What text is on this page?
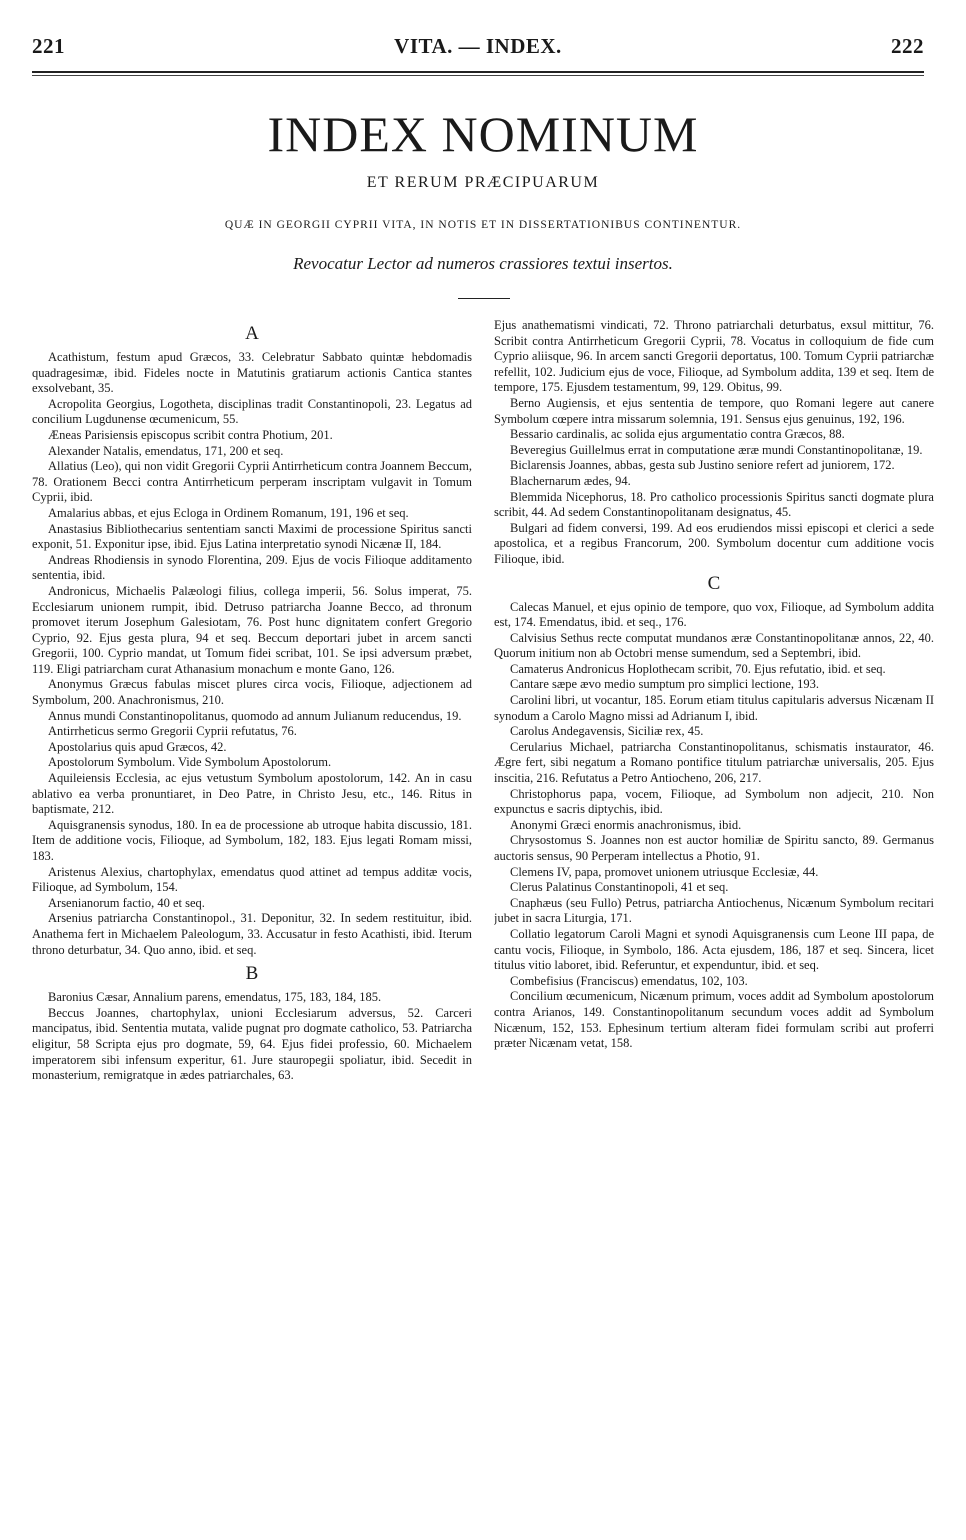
221	VITA. — INDEX.	222
INDEX NOMINUM
ET RERUM PRÆCIPUARUM
QUÆ IN GEORGII CYPRII VITA, IN NOTIS ET IN DISSERTATIONIBUS CONTINENTUR.
Revocatur Lector ad numeros crassiores textui insertos.
A

Acathistum, festum apud Græcos, 33. Celebratur Sabbato quintæ hebdomadis quadragesimæ, ibid. Fideles nocte in Matutinis gratiarum actionis Cantica stantes exsolvebant, 35.

Acropolita Georgius, Logotheta, disciplinas tradit Constantinopoli, 23. Legatus ad concilium Lugdunense œcumenicum, 55.

Æneas Parisiensis episcopus scribit contra Photium, 201.

Alexander Natalis, emendatus, 171, 200 et seq.

Allatius (Leo), qui non vidit Gregorii Cyprii Antirrheticum contra Joannem Beccum, 78. Orationem Becci contra Antirrheticum perperam inscriptam vulgavit in Tomum Cyprii, ibid.

Amalarius abbas, et ejus Ecloga in Ordinem Romanum, 191, 196 et seq.

Anastasius Bibliothecarius sententiam sancti Maximi de processione Spiritus sancti exponit, 51. Exponitur ipse, ibid. Ejus Latina interpretatio synodi Nicænæ II, 184.

Andreas Rhodiensis in synodo Florentina, 209. Ejus de vocis Filioque additamento sententia, ibid.

Andronicus, Michaelis Palæologi filius, collega imperii, 56. Solus imperat, 75. Ecclesiarum unionem rumpit, ibid. Detruso patriarcha Joanne Becco, ad thronum promovet iterum Josephum Galesiotam, 76. Post hunc dignitatem confert Gregorio Cyprio, 92. Ejus gesta plura, 94 et seq. Beccum deportari jubet in arcem sancti Gregorii, 100. Cyprio mandat, ut Tomum fidei scribat, 101. Se ipsi adversum præbet, 119. Eligi patriarcham curat Athanasium monachum e monte Gano, 126.

Anonymus Græcus fabulas miscet plures circa vocis, Filioque, adjectionem ad Symbolum, 200. Anachronismus, 210.

Annus mundi Constantinopolitanus, quomodo ad annum Julianum reducendus, 19.

Antirrheticus sermo Gregorii Cyprii refutatus, 76.

Apostolarius quis apud Græcos, 42.

Apostolorum Symbolum. Vide Symbolum Apostolorum.

Aquileiensis Ecclesia, ac ejus vetustum Symbolum apostolorum, 142. An in casu ablativo ea verba pronuntiaret, in Deo Patre, in Christo Jesu, etc., 146. Ritus in baptismate, 212.

Aquisgranensis synodus, 180. In ea de processione ab utroque habita discussio, 181. Item de additione vocis, Filioque, ad Symbolum, 182, 183. Ejus legati Romam missi, 183.

Aristenus Alexius, chartophylax, emendatus quod attinet ad tempus additæ vocis, Filioque, ad Symbolum, 154.

Arsenianorum factio, 40 et seq.

Arsenius patriarcha Constantinopol., 31. Deponitur, 32. In sedem restituitur, ibid. Anathema fert in Michaelem Paleologum, 33. Accusatur in festo Acathisti, ibid. Iterum throno deturbatur, 34. Quo anno, ibid. et seq.

B

Baronius Cæsar, Annalium parens, emendatus, 175, 183, 184, 185.

Beccus Joannes, chartophylax, unioni Ecclesiarum adversus, 52. Carceri mancipatus, ibid. Sententia mutata, valide pugnat pro dogmate catholico, 53. Patriarcha eligitur, 58 Scripta ejus pro dogmate, 59, 64. Ejus fidei professio, 60. Michaelem imperatorem sibi infensum experitur, 61. Jure stauropegii spoliatur, ibid. Secedit in monasterium, remigratque in ædes patriarchales, 63.

Ejus anathematismi vindicati, 72. Throno patriarchali deturbatus, exsul mittitur, 76. Scribit contra Antirrheticum Gregorii Cyprii, 78. Vocatus in colloquium de fide cum Cyprio aliisque, 96. In arcem sancti Gregorii deportatus, 100. Tomum Cyprii patriarchæ refellit, 102. Judicium ejus de voce, Filioque, ad Symbolum addita, 139 et seq. Item de tempore, 175. Ejusdem testamentum, 99, 129. Obitus, 99.

Berno Augiensis, et ejus sententia de tempore, quo Romani legere aut canere Symbolum cœpere intra missarum solemnia, 191. Sensus ejus genuinus, 192, 196.

Bessario cardinalis, ac solida ejus argumentatio contra Græcos, 88.

Beveregius Guillelmus errat in computatione æræ mundi Constantinopolitanæ, 19.

Biclarensis Joannes, abbas, gesta sub Justino seniore refert ad juniorem, 172.

Blachernarum ædes, 94.

Blemmida Nicephorus, 18. Pro catholico processionis Spiritus sancti dogmate plura scribit, 44. Ad sedem Constantinopolitanam designatus, 45.

Bulgari ad fidem conversi, 199. Ad eos erudiendos missi episcopi et clerici a sede apostolica, et a regibus Francorum, 200. Symbolum docentur cum additione vocis Filioque, ibid.

C

Calecas Manuel, et ejus opinio de tempore, quo vox, Filioque, ad Symbolum addita est, 174. Emendatus, ibid. et seq., 176.

Calvisius Sethus recte computat mundanos æræ Constantinopolitanæ annos, 22, 40. Quorum initium non ab Octobri mense sumendum, sed a Septembri, ibid.

Camaterus Andronicus Hoplothecam scribit, 70. Ejus refutatio, ibid. et seq.

Cantare sæpe ævo medio sumptum pro simplici lectione, 193.

Carolini libri, ut vocantur, 185. Eorum etiam titulus capitularis adversus Nicænam II synodum a Carolo Magno missi ad Adrianum I, ibid.

Carolus Andegavensis, Siciliæ rex, 45.

Cerularius Michael, patriarcha Constantinopolitanus, schismatis instaurator, 46. Ægre fert, sibi negatum a Romano pontifice titulum patriarchæ universalis, 205. Ejus inscitia, 216. Refutatus a Petro Antiocheno, 206, 217.

Christophorus papa, vocem, Filioque, ad Symbolum non adjecit, 210. Non expunctus e sacris diptychis, ibid.

Anonymi Græci enormis anachronismus, ibid.

Chrysostomus S. Joannes non est auctor homiliæ de Spiritu sancto, 89. Germanus auctoris sensus, 90 Perperam intellectus a Photio, 91.

Clemens IV, papa, promovet unionem utriusque Ecclesiæ, 44.

Clerus Palatinus Constantinopoli, 41 et seq.

Cnaphæus (seu Fullo) Petrus, patriarcha Antiochenus, Nicænum Symbolum recitari jubet in sacra Liturgia, 171.

Collatio legatorum Caroli Magni et synodi Aquisgranensis cum Leone III papa, de cantu vocis, Filioque, in Symbolo, 186. Acta ejusdem, 186, 187 et seq. Sincera, licet titulus vitio laboret, ibid. Referuntur, et expenduntur, ibid. et seq.

Combefisius (Franciscus) emendatus, 102, 103.

Concilium œcumenicum, Nicænum primum, voces addit ad Symbolum apostolorum contra Arianos, 149. Constantinopolitanum secundum voces addit ad Symbolum Nicænum, 152, 153. Ephesinum tertium alteram fidei formulam scribi aut proferri præter Nicænam vetat, 158.
